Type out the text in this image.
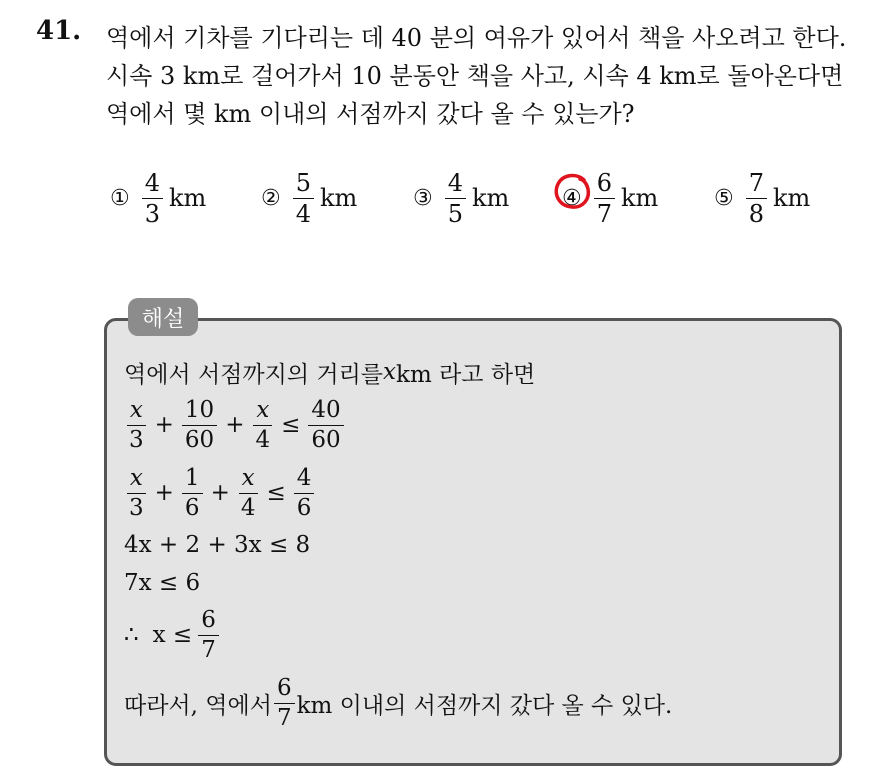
41. 역에서 기차를 기다리는 데 40 분의 여유가 있어서 책을 사오려고 한다.
시속 3 km로 걸어가서 10 분동안 책을 사고, 시속 4 km로 돌아온다면
역에서 몇 km 이내의 서점까지 갔다 올 수 있는가?
① $\frac{4}{3}$ km ② $\frac{5}{4}$ km	③ $\frac{4}{5}$ km ④ $\frac{6}{7}$ km	⑤ $\frac{7}{8}$ km
해설
역에서 서점까지의 거리를 x km 라고 하면
$\frac{x}{3} + \frac{10}{60} + \frac{x}{4} \le \frac{40}{60}$
$\frac{x}{3} + \frac{1}{6} + \frac{x}{4} \le \frac{4}{6}$
4x + 2 + 3x ≤ 8
7x ≤ 6
∴ $x \le \frac{6}{7}$
따라서, 역에서 $\frac{6}{7}$ km 이내의 서점까지 갔다 올 수 있다.
